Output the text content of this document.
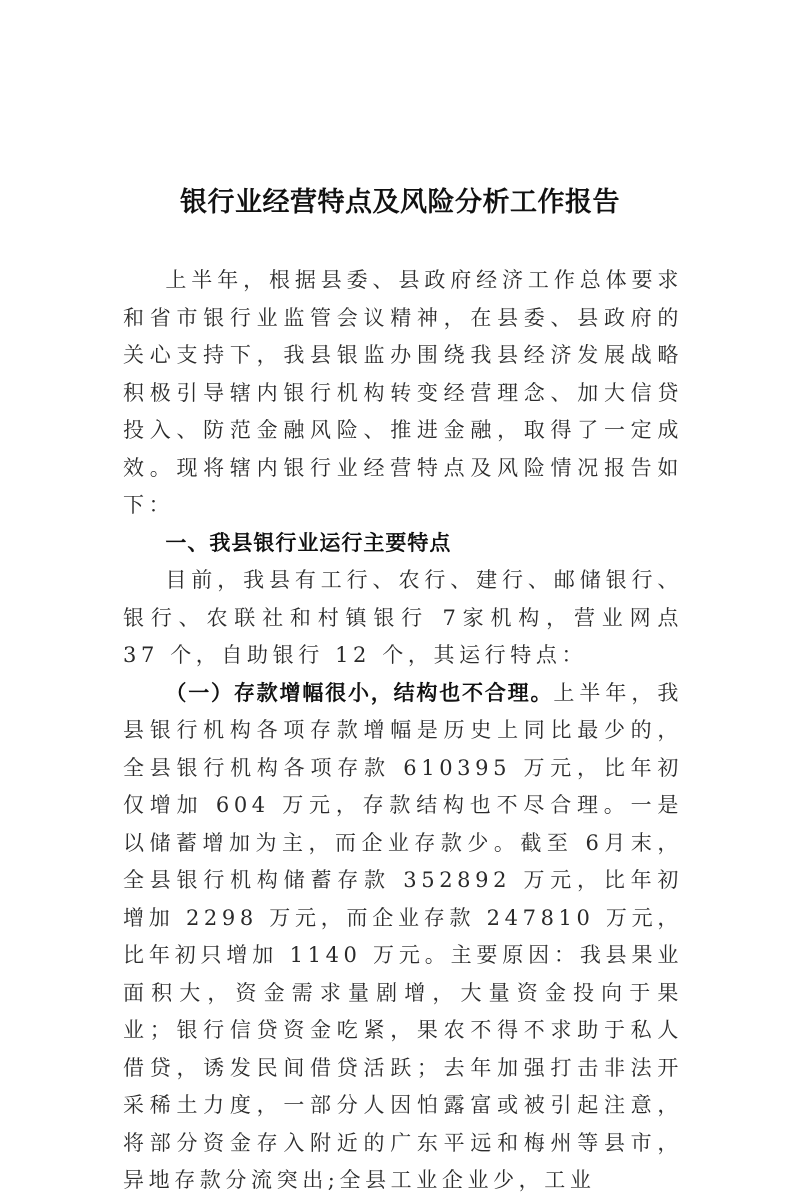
银行业经营特点及风险分析工作报告

上半年，根据县委、县政府经济工作总体要求和省市银行业监管会议精神，在县委、县政府的关心支持下，我县银监办围绕我县经济发展战略积极引导辖内银行机构转变经营理念、加大信贷投入、防范金融风险、推进金融，取得了一定成效。现将辖内银行业经营特点及风险情况报告如下：

一、我县银行业运行主要特点

目前，我县有工行、农行、建行、邮储银行、银行、农联社和村镇银行 7家机构，营业网点 37 个，自助银行 12 个，其运行特点：

（一）存款增幅很小，结构也不合理。上半年，我县银行机构各项存款增幅是历史上同比最少的，全县银行机构各项存款 610395 万元，比年初仅增加 604 万元，存款结构也不尽合理。一是以储蓄增加为主，而企业存款少。截至 6月末，全县银行机构储蓄存款 352892 万元，比年初增加 2298 万元，而企业存款 247810 万元，比年初只增加 1140 万元。主要原因：我县果业面积大，资金需求量剧增，大量资金投向于果业；银行信贷资金吃紧，果农不得不求助于私人借贷，诱发民间借贷活跃；去年加强打击非法开采稀土力度，一部分人因怕露富或被引起注意，将部分资金存入附近的广东平远和梅州等县市，异地存款分流突出;全县工业企业少，工业
